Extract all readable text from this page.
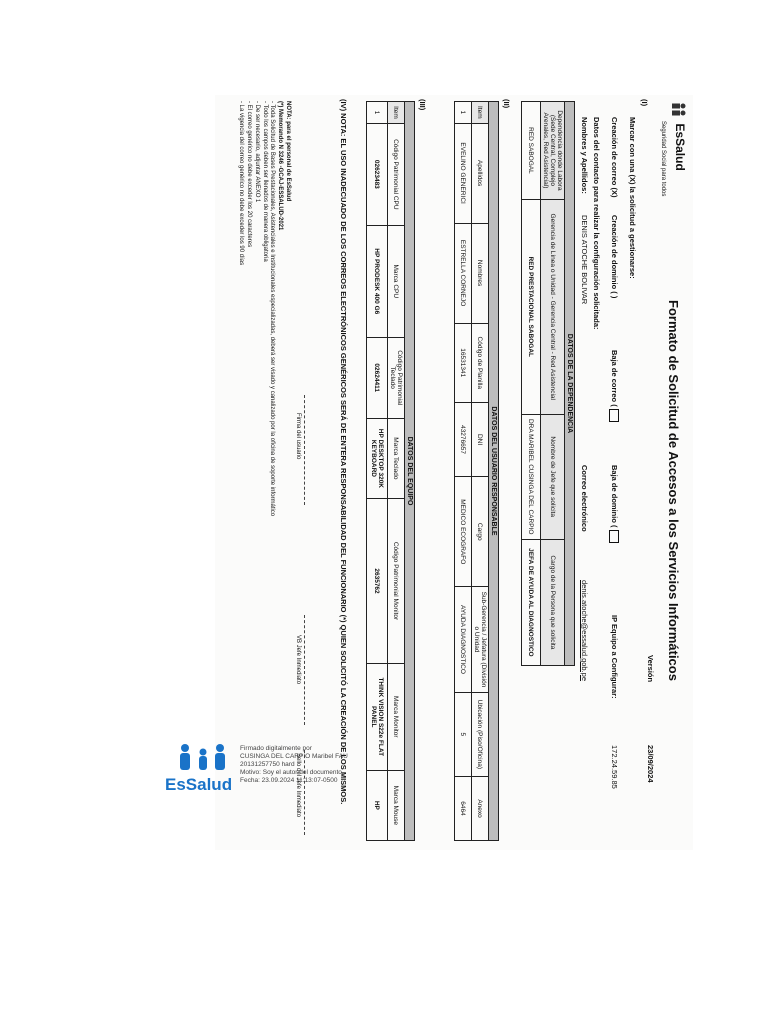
$^{EsSalud}$
Seguridad Social para todos
Formato de Solicitud de Accesos a los Servicios Informáticos
Versión
23/09/2024
(I)
Marcar con una (X) la solicitud a gestionarse:
Creación de correo (X)
Creación de dominio ( )
Baja de correo (
Baja de dominio (
IP Equipo a Configurar:
172.24.59.85
Datos del contacto para realizar la configuración solicitada:
Nombres y Apellidos:
DENIS ATOCHE BOLIVAR
Correo electrónico
denis.atoche@essalud.gob.pe
DATOS DE LA DEPENDENCIA			
Dependencia donde Labora (Sede Central, Complejo Arenales, Red Asistencial)	Gerencia de Línea o Unidad - Gerencia Central - Red Asistencial	Nombre de Jefe que solicita	Cargo de la Persona que solicita
RED SABOGAL	RED PRESTACIONAL SABOGAL	DRA MARIBEL CUSINGA DEL CARPIO	JEFA DE AYUDA AL DIAGNOSTICO
(II)
DATOS DEL USUARIO RESPONSABLE								
Item	Apellidos	Nombres	Código de Planilla	DNI	Cargo	Sub-Gerencia / Jefatura (División o Unidad	Ubicación (Piso/Oficina)	Anexo
1	EVELINO GENERICI	ESTRELLA CORNEJO	16531341	43276657	MEDICO ECOGRAFO	AYUDA DIAGNOSTICO	5	6464
(III)
DATOS DEL EQUIPO							
Item	Código Patrimonial CPU	Marca CPU	Código Patrimonial Teclado	Marca Teclado	Código Patrimonial Monitor	Marca Monitor	Marca Mouse
1	02623483	HP PRODESK 400 G6	02624411	HP DESKTOP 320K KEYBOARD	2635762	THINK VISION S22e FLAT PANEL	HP
(IV) NOTA: EL USO INADECUADO DE LOS CORREOS ELECTRÓNICOS GENÉRICOS SERÁ DE ENTERA RESPONSABILIDAD DEL FUNCIONARIO (*) QUIEN SOLICITÓ LA CREACIÓN DE LOS MISMOS.
Firma del usuario
VB Jefe Inmediato
Sello del Jefe Inmediato
NOTA: para el personal de EsSalud
(*) Memorando N 3246 -GCAJ-ESSALUD-2021
- Toda Solicitud de Bases Prestacionales, Asistenciales e Institucionales especializadas, deberá ser visado y canalizado por la oficina de soporte informático
- Todo los campos deben ser llenados de manera obligatoria
- De ser necesario, adjuntar ANEXO 1
- El correo genérico no debe exceder los 20 caracteres
- La vigencia del correo genérico no debe exceder los 90 días
EsSalud
Firmado digitalmente por
CUSINGA DEL CARPIO Maribel FAU
20131257750 hard
Motivo: Soy el autor del documento.
Fecha: 23.09.2024 11:13:07-0500
